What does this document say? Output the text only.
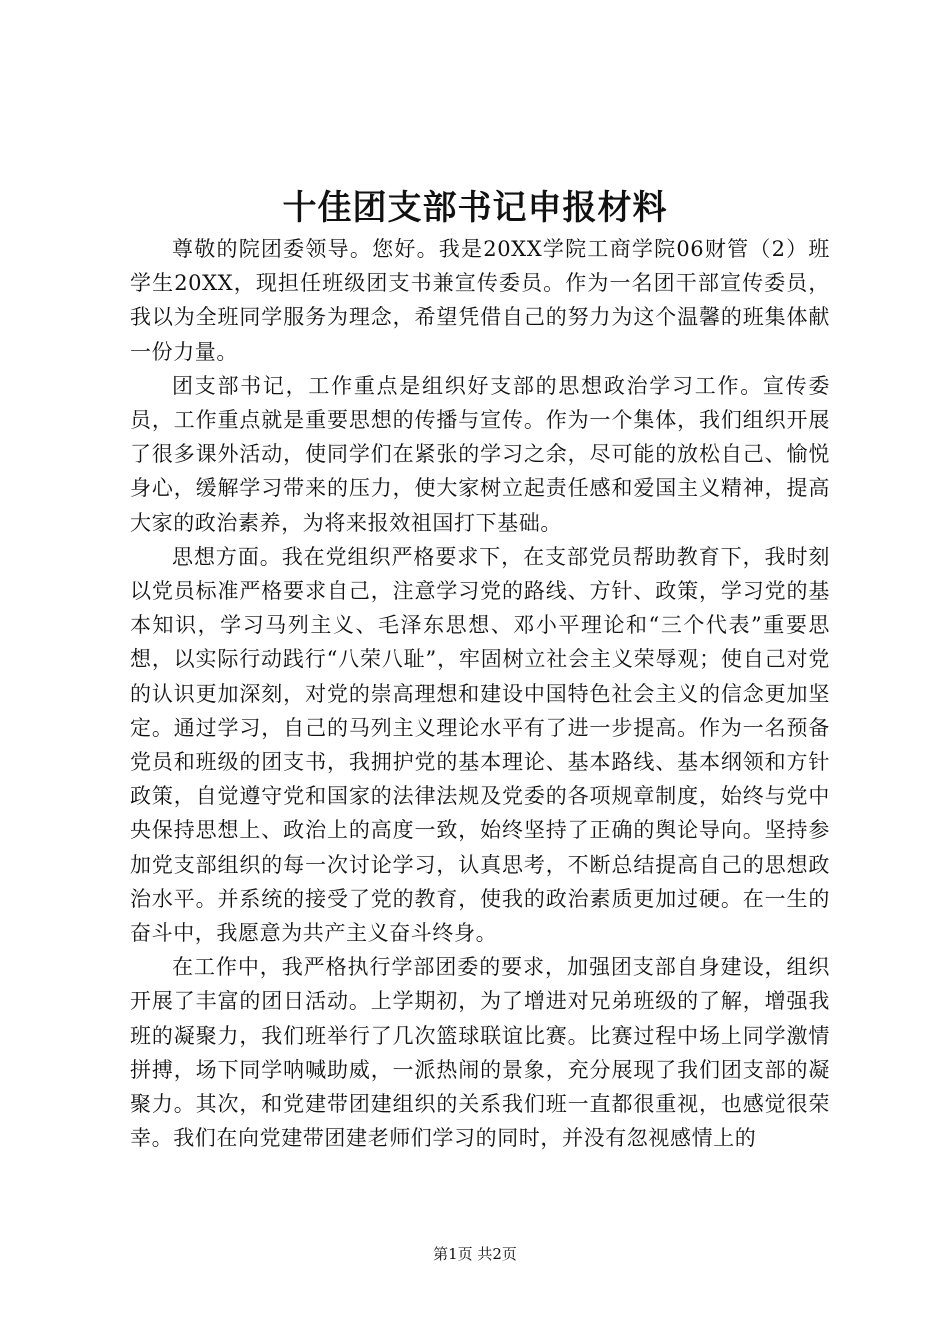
十佳团支部书记申报材料

尊敬的院团委领导。您好。我是20XX学院工商学院06财管（2）班学生20XX，现担任班级团支书兼宣传委员。作为一名团干部宣传委员，我以为全班同学服务为理念，希望凭借自己的努力为这个温馨的班集体献一份力量。

团支部书记，工作重点是组织好支部的思想政治学习工作。宣传委员，工作重点就是重要思想的传播与宣传。作为一个集体，我们组织开展了很多课外活动，使同学们在紧张的学习之余，尽可能的放松自己、愉悦身心，缓解学习带来的压力，使大家树立起责任感和爱国主义精神，提高大家的政治素养，为将来报效祖国打下基础。

思想方面。我在党组织严格要求下，在支部党员帮助教育下，我时刻以党员标准严格要求自己，注意学习党的路线、方针、政策，学习党的基本知识，学习马列主义、毛泽东思想、邓小平理论和“三个代表”重要思想，以实际行动践行“八荣八耻”，牢固树立社会主义荣辱观；使自己对党的认识更加深刻，对党的崇高理想和建设中国特色社会主义的信念更加坚定。通过学习，自己的马列主义理论水平有了进一步提高。作为一名预备党员和班级的团支书，我拥护党的基本理论、基本路线、基本纲领和方针政策，自觉遵守党和国家的法律法规及党委的各项规章制度，始终与党中央保持思想上、政治上的高度一致，始终坚持了正确的舆论导向。坚持参加党支部组织的每一次讨论学习，认真思考，不断总结提高自己的思想政治水平。并系统的接受了党的教育，使我的政治素质更加过硬。在一生的奋斗中，我愿意为共产主义奋斗终身。

在工作中，我严格执行学部团委的要求，加强团支部自身建设，组织开展了丰富的团日活动。上学期初，为了增进对兄弟班级的了解，增强我班的凝聚力，我们班举行了几次篮球联谊比赛。比赛过程中场上同学激情拼搏，场下同学呐喊助威，一派热闹的景象，充分展现了我们团支部的凝聚力。其次，和党建带团建组织的关系我们班一直都很重视，也感觉很荣幸。我们在向党建带团建老师们学习的同时，并没有忽视感情上的

第1页 共2页
